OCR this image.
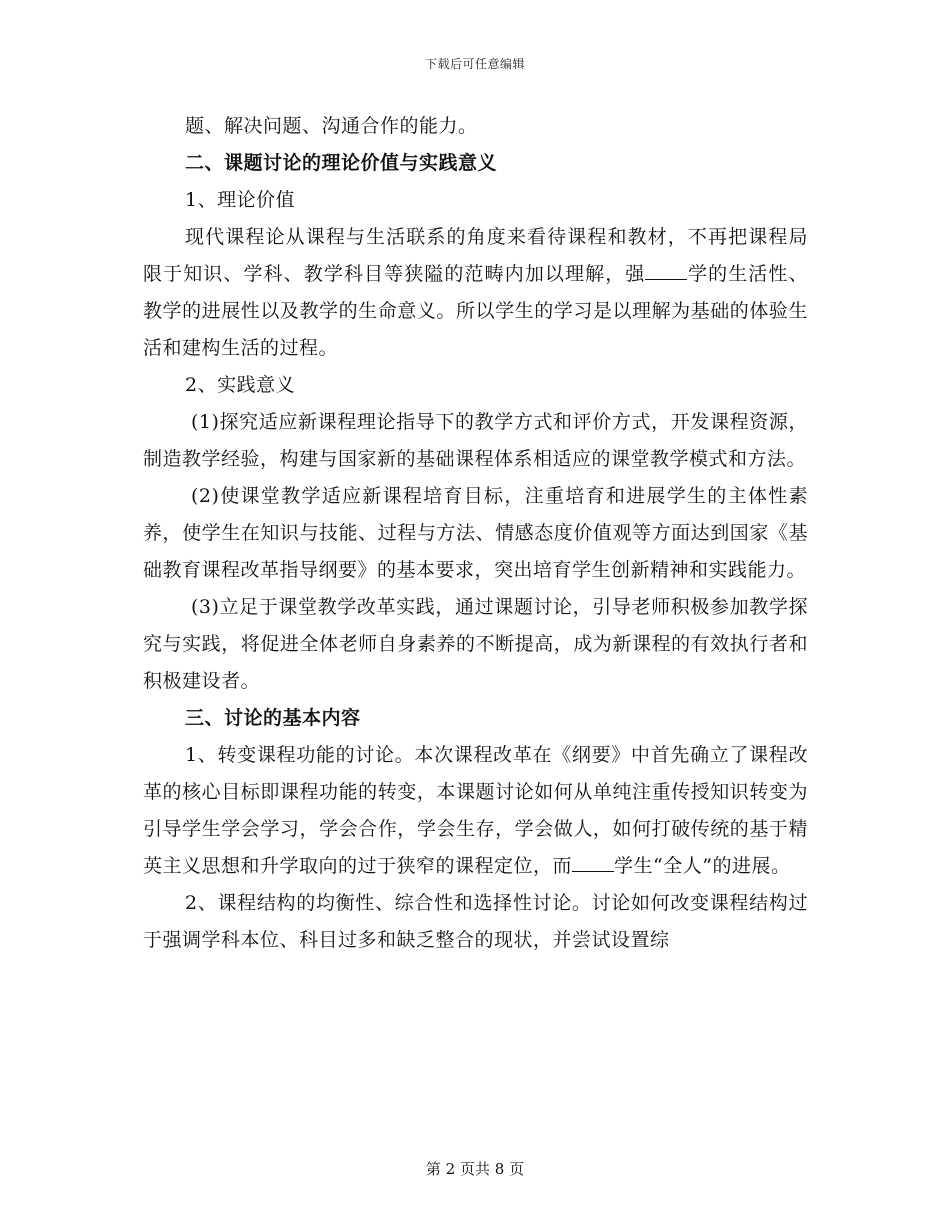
下载后可任意编辑

题、解决问题、沟通合作的能力。

二、课题讨论的理论价值与实践意义

1、理论价值

现代课程论从课程与生活联系的角度来看待课程和教材，不再把课程局限于知识、学科、教学科目等狭隘的范畴内加以理解，强 学的生活性、教学的进展性以及教学的生命意义。所以学生的学习是以理解为基础的体验生活和建构生活的过程。

2、实践意义

(1)探究适应新课程理论指导下的教学方式和评价方式，开发课程资源，制造教学经验，构建与国家新的基础课程体系相适应的课堂教学模式和方法。

(2)使课堂教学适应新课程培育目标，注重培育和进展学生的主体性素养，使学生在知识与技能、过程与方法、情感态度价值观等方面达到国家《基础教育课程改革指导纲要》的基本要求，突出培育学生创新精神和实践能力。

(3)立足于课堂教学改革实践，通过课题讨论，引导老师积极参加教学探究与实践，将促进全体老师自身素养的不断提高，成为新课程的有效执行者和积极建设者。

三、讨论的基本内容

1、转变课程功能的讨论。本次课程改革在《纲要》中首先确立了课程改革的核心目标即课程功能的转变，本课题讨论如何从单纯注重传授知识转变为引导学生学会学习，学会合作，学会生存，学会做人，如何打破传统的基于精英主义思想和升学取向的过于狭窄的课程定位，而 学生“全人”的进展。

2、课程结构的均衡性、综合性和选择性讨论。讨论如何改变课程结构过于强调学科本位、科目过多和缺乏整合的现状，并尝试设置综

第 2 页共 8 页
